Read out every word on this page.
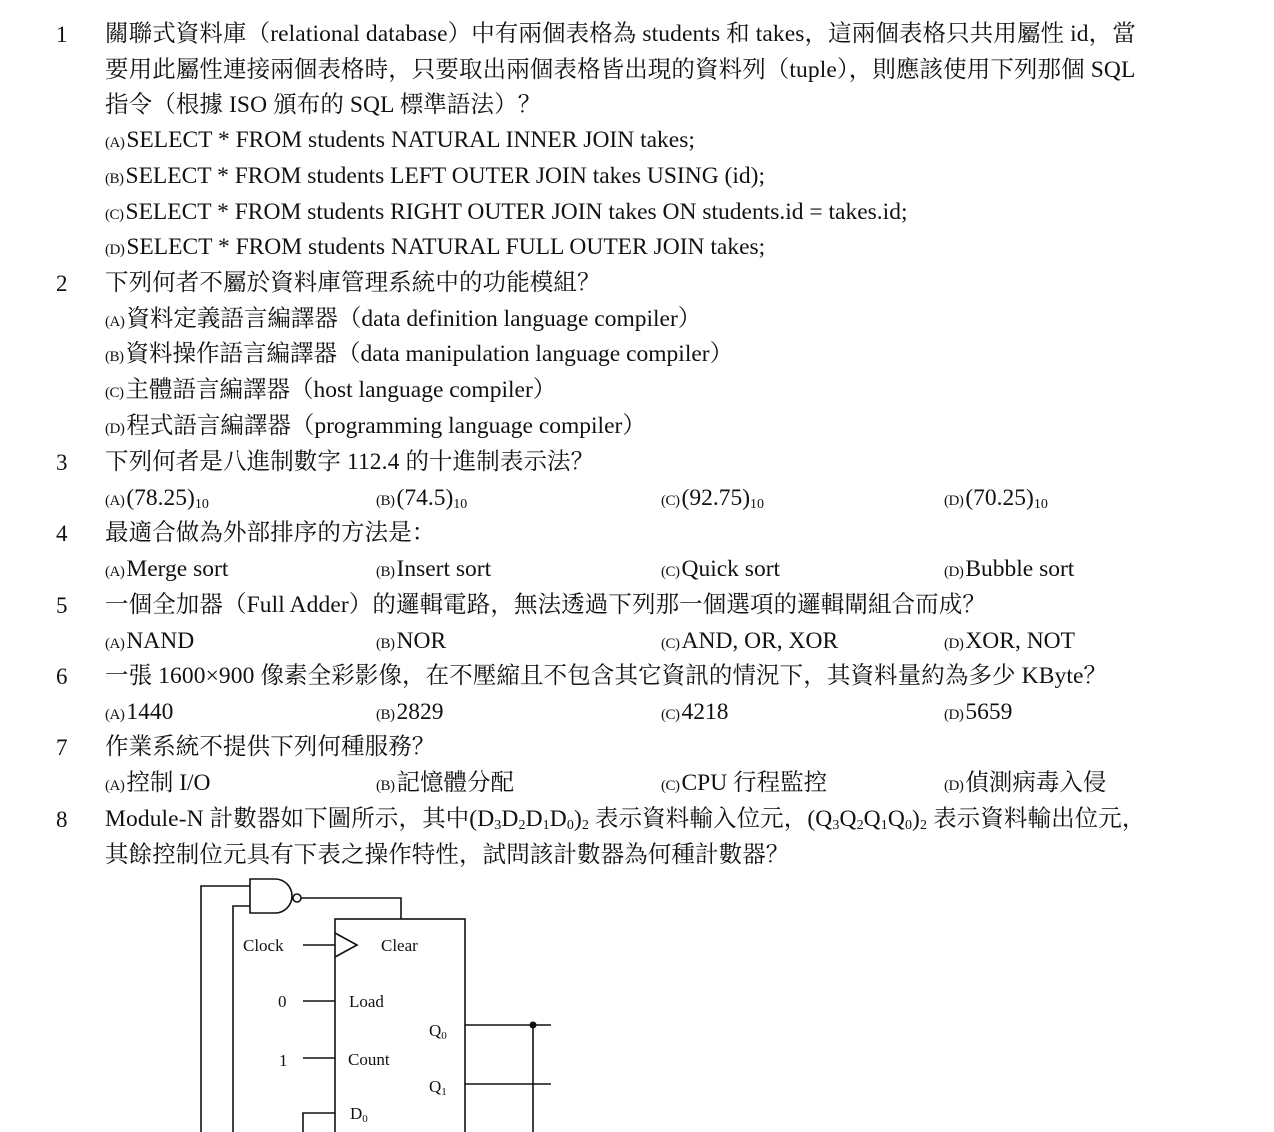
1 關聯式資料庫（relational database）中有兩個表格為 students 和 takes，這兩個表格只共用屬性 id，當
要用此屬性連接兩個表格時，只要取出兩個表格皆出現的資料列（tuple），則應該使用下列那個 SQL
指令（根據 ISO 頒布的 SQL 標準語法）？
(A)SELECT * FROM students NATURAL INNER JOIN takes;
(B)SELECT * FROM students LEFT OUTER JOIN takes USING (id);
(C)SELECT * FROM students RIGHT OUTER JOIN takes ON students.id = takes.id;
(D)SELECT * FROM students NATURAL FULL OUTER JOIN takes;
2 下列何者不屬於資料庫管理系統中的功能模組？
(A)資料定義語言編譯器（data definition language compiler）
(B)資料操作語言編譯器（data manipulation language compiler）
(C)主體語言編譯器（host language compiler）
(D)程式語言編譯器（programming language compiler）
3 下列何者是八進制數字 112.4 的十進制表示法？
$(A)(78.25)_{10}$	$(B)(74.5)_{10}$	$(C)(92.75)_{10}$	$(D)(70.25)_{10}$
4 最適合做為外部排序的方法是：
(A)Merge sort	(B)Insert sort	(C)Quick sort	(D)Bubble sort
5 一個全加器（Full Adder）的邏輯電路，無法透過下列那一個選項的邏輯閘組合而成？
(A)NAND	(B)NOR	(C)AND, OR, XOR	(D)XOR, NOT
6 一張 1600×900 像素全彩影像，在不壓縮且不包含其它資訊的情況下，其資料量約為多少 KByte？
(A)1440	(B)2829	(C)4218	(D)5659
7 作業系統不提供下列何種服務？
(A)控制 I/O	(B)記憶體分配	(C)CPU 行程監控	(D)偵測病毒入侵
8 Module-N 計數器如下圖所示，其中$(D_3D_2D_1D_0)_2$ 表示資料輸入位元，$(Q_3Q_2Q_1Q_0)_2$ 表示資料輸出位元，
其餘控制位元具有下表之操作特性，試問該計數器為何種計數器？
Clock	Clear
0	Load
1	Count
D0
Q0
Q1
